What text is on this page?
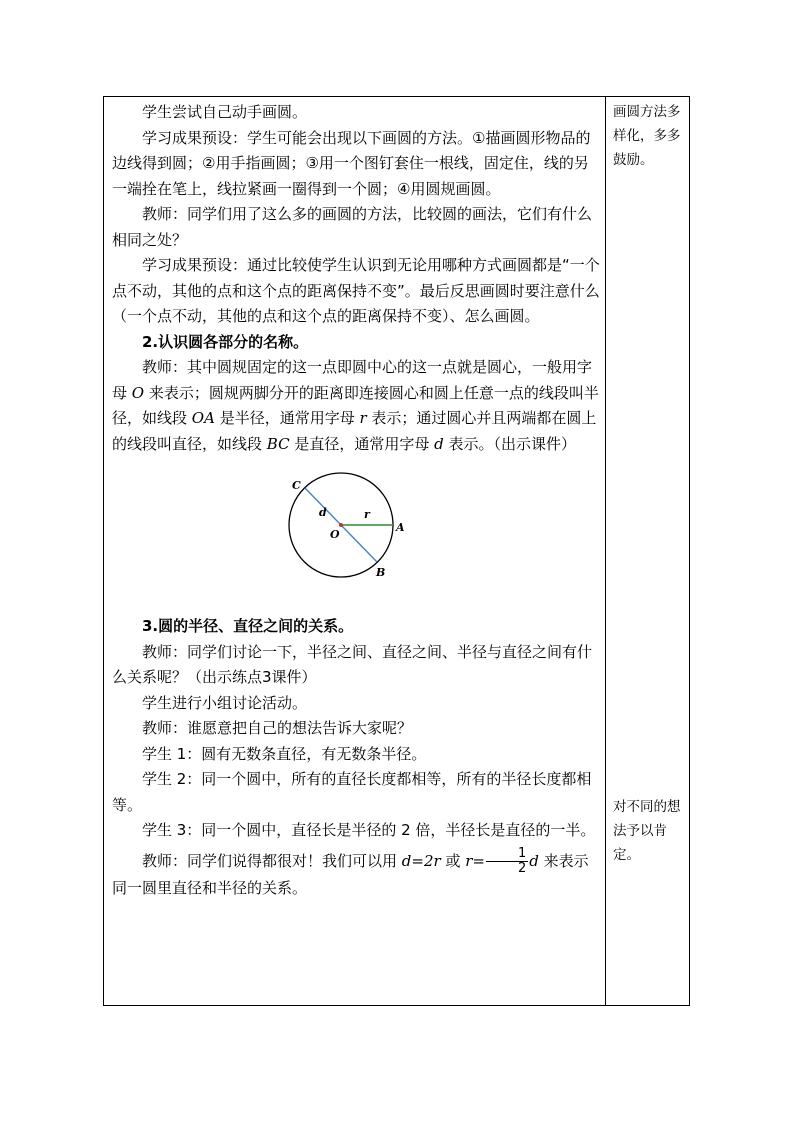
学生尝试自己动手画圆。

学习成果预设：学生可能会出现以下画圆的方法。①描画圆形物品的边线得到圆；②用手指画圆；③用一个图钉套住一根线，固定住，线的另一端拴在笔上，线拉紧画一圈得到一个圆；④用圆规画圆。

教师：同学们用了这么多的画圆的方法，比较圆的画法，它们有什么相同之处？

学习成果预设：通过比较使学生认识到无论用哪种方式画圆都是“一个点不动，其他的点和这个点的距离保持不变”。最后反思画圆时要注意什么（一个点不动，其他的点和这个点的距离保持不变）、怎么画圆。

2.认识圆各部分的名称。

教师：其中圆规固定的这一点即圆中心的这一点就是圆心，一般用字母 O 来表示；圆规两脚分开的距离即连接圆心和圆上任意一点的线段叫半径，如线段 OA 是半径，通常用字母 r 表示；通过圆心并且两端都在圆上的线段叫直径，如线段 BC 是直径，通常用字母 d 表示。（出示课件）

C
d
O
r
A
B

3.圆的半径、直径之间的关系。

教师：同学们讨论一下，半径之间、直径之间、半径与直径之间有什么关系呢？（出示练点3课件）

学生进行小组讨论活动。

教师：谁愿意把自己的想法告诉大家呢？

学生 1：圆有无数条直径，有无数条半径。

学生 2：同一个圆中，所有的直径长度都相等，所有的半径长度都相等。

学生 3：同一个圆中，直径长是半径的 2 倍，半径长是直径的一半。

教师：同学们说得都很对！我们可以用 d=2r 或 $r= \frac{1}{2}$ d 来表示同一圆里直径和半径的关系。

画圆方法多样化，多多鼓励。
对不同的想法予以肯定。
